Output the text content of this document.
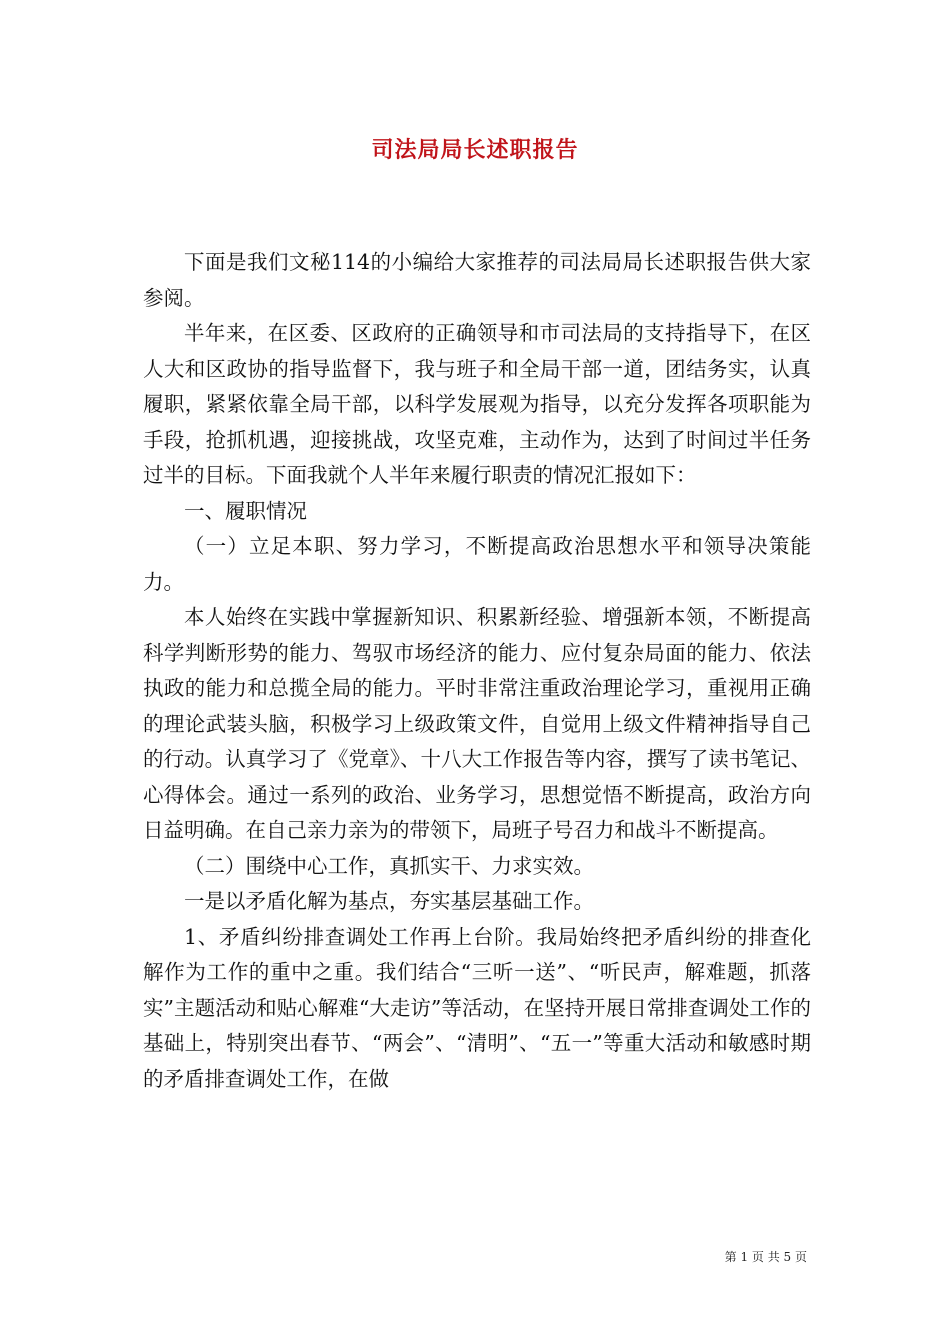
司法局局长述职报告

下面是我们文秘114的小编给大家推荐的司法局局长述职报告供大家参阅。

半年来，在区委、区政府的正确领导和市司法局的支持指导下，在区人大和区政协的指导监督下，我与班子和全局干部一道，团结务实，认真履职，紧紧依靠全局干部，以科学发展观为指导，以充分发挥各项职能为手段，抢抓机遇，迎接挑战，攻坚克难，主动作为，达到了时间过半任务过半的目标。下面我就个人半年来履行职责的情况汇报如下：

一、履职情况

（一）立足本职、努力学习，不断提高政治思想水平和领导决策能力。

本人始终在实践中掌握新知识、积累新经验、增强新本领，不断提高科学判断形势的能力、驾驭市场经济的能力、应付复杂局面的能力、依法执政的能力和总揽全局的能力。平时非常注重政治理论学习，重视用正确的理论武装头脑，积极学习上级政策文件，自觉用上级文件精神指导自己的行动。认真学习了《党章》、十八大工作报告等内容，撰写了读书笔记、心得体会。通过一系列的政治、业务学习，思想觉悟不断提高，政治方向日益明确。在自己亲力亲为的带领下，局班子号召力和战斗不断提高。

（二）围绕中心工作，真抓实干、力求实效。

一是以矛盾化解为基点，夯实基层基础工作。

1、矛盾纠纷排查调处工作再上台阶。我局始终把矛盾纠纷的排查化解作为工作的重中之重。我们结合“三听一送”、“听民声，解难题，抓落实”主题活动和贴心解难“大走访”等活动，在坚持开展日常排查调处工作的基础上，特别突出春节、“两会”、“清明”、“五一”等重大活动和敏感时期的矛盾排查调处工作，在做

第 1 页 共 5 页
